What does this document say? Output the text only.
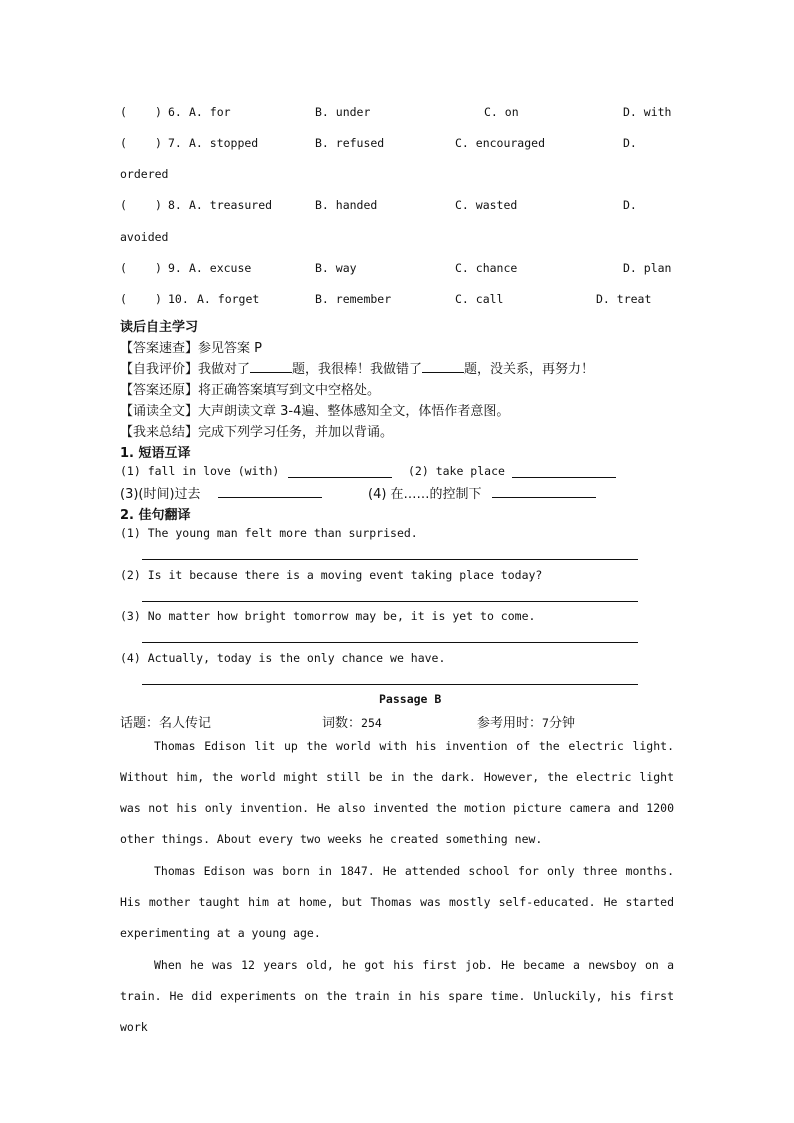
( ) 6. A. for	B. under	C. on	D. with
( ) 7. A. stopped	B. refused	C. encouraged	D.
ordered
( ) 8. A. treasured	B. handed	C. wasted	D.
avoided
( ) 9. A. excuse	B. way	C. chance	D. plan
( ) 10. A. forget	B. remember	C. call	D. treat
读后自主学习
【答案速查】参见答案 P
【自我评价】我做对了	题，我很棒！我做错了	题，没关系，再努力！
【答案还原】将正确答案填写到文中空格处。
【诵读全文】大声朗读文章 3-4遍、整体感知全文，体悟作者意图。
【我来总结】完成下列学习任务，并加以背诵。
1. 短语互译
(1) fall in love (with)	(2) take place
(3)(时间)过去	(4) 在……的控制下
2. 佳句翻译
(1) The young man felt more than surprised.
(2) Is it because there is a moving event taking place today?
(3) No matter how bright tomorrow may be, it is yet to come.
(4) Actually, today is the only chance we have.
Passage B
话题：名人传记	词数：254	参考用时：7分钟
Thomas Edison lit up the world with his invention of the electric light. Without him, the world might still be in the dark. However, the electric light was not his only invention. He also invented the motion picture camera and 1200 other things. About every two weeks he created something new.
Thomas Edison was born in 1847. He attended school for only three months. His mother taught him at home, but Thomas was mostly self-educated. He started experimenting at a young age.
When he was 12 years old, he got his first job. He became a newsboy on a train. He did experiments on the train in his spare time. Unluckily, his first work
